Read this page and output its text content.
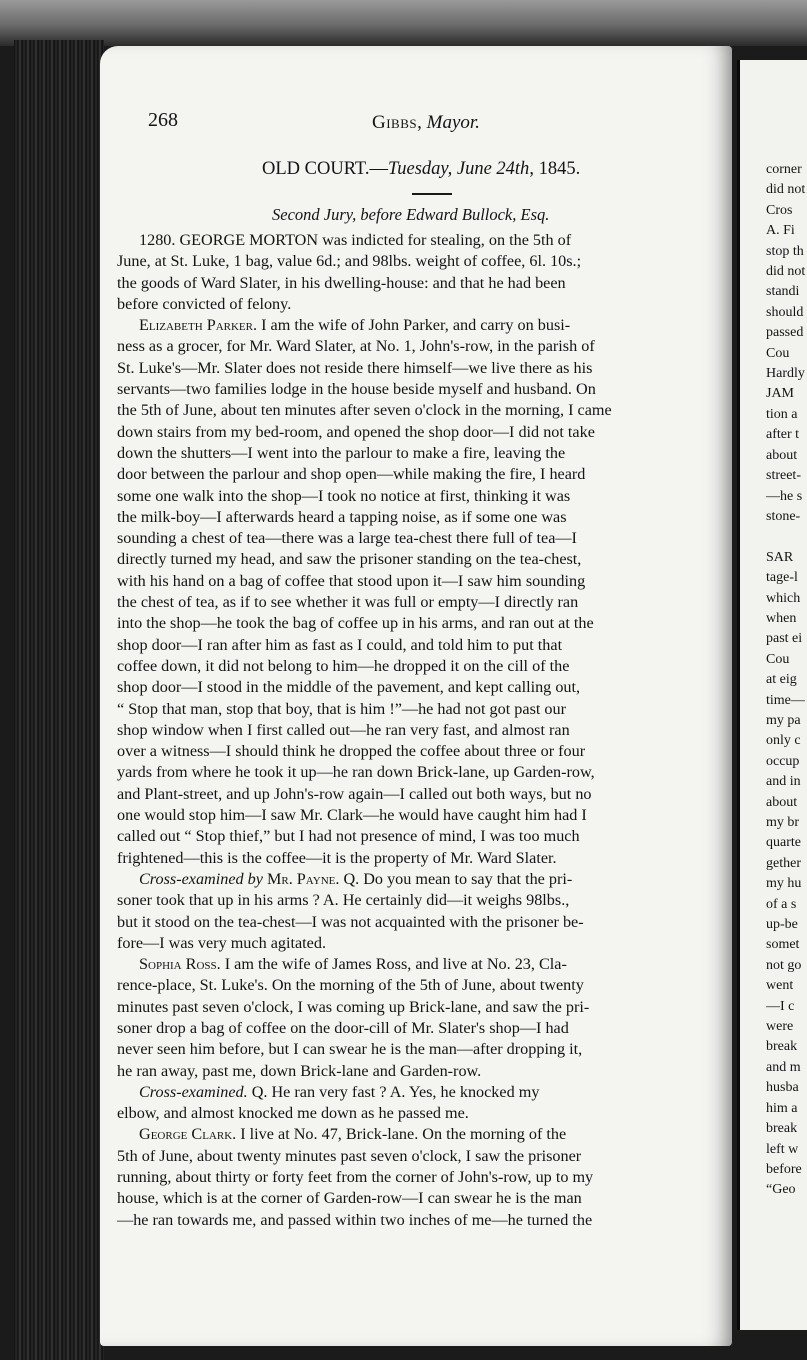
268	Gibbs, Mayor.
OLD COURT.—Tuesday, June 24th, 1845.
Second Jury, before Edward Bullock, Esq.
1280. GEORGE MORTON was indicted for stealing, on the 5th of
June, at St. Luke, 1 bag, value 6d.; and 98lbs. weight of coffee, 6l. 10s.;
the goods of Ward Slater, in his dwelling-house: and that he had been
before convicted of felony.
Elizabeth Parker. I am the wife of John Parker, and carry on busi-
ness as a grocer, for Mr. Ward Slater, at No. 1, John's-row, in the parish of
St. Luke's—Mr. Slater does not reside there himself—we live there as his
servants—two families lodge in the house beside myself and husband. On
the 5th of June, about ten minutes after seven o'clock in the morning, I came
down stairs from my bed-room, and opened the shop door—I did not take
down the shutters—I went into the parlour to make a fire, leaving the
door between the parlour and shop open—while making the fire, I heard
some one walk into the shop—I took no notice at first, thinking it was
the milk-boy—I afterwards heard a tapping noise, as if some one was
sounding a chest of tea—there was a large tea-chest there full of tea—I
directly turned my head, and saw the prisoner standing on the tea-chest,
with his hand on a bag of coffee that stood upon it—I saw him sounding
the chest of tea, as if to see whether it was full or empty—I directly ran
into the shop—he took the bag of coffee up in his arms, and ran out at the
shop door—I ran after him as fast as I could, and told him to put that
coffee down, it did not belong to him—he dropped it on the cill of the
shop door—I stood in the middle of the pavement, and kept calling out,
“ Stop that man, stop that boy, that is him !”—he had not got past our
shop window when I first called out—he ran very fast, and almost ran
over a witness—I should think he dropped the coffee about three or four
yards from where he took it up—he ran down Brick-lane, up Garden-row,
and Plant-street, and up John's-row again—I called out both ways, but no
one would stop him—I saw Mr. Clark—he would have caught him had I
called out “ Stop thief,” but I had not presence of mind, I was too much
frightened—this is the coffee—it is the property of Mr. Ward Slater.
Cross-examined by Mr. Payne. Q. Do you mean to say that the pri-
soner took that up in his arms ? A. He certainly did—it weighs 98lbs.,
but it stood on the tea-chest—I was not acquainted with the prisoner be-
fore—I was very much agitated.
Sophia Ross. I am the wife of James Ross, and live at No. 23, Cla-
rence-place, St. Luke's. On the morning of the 5th of June, about twenty
minutes past seven o'clock, I was coming up Brick-lane, and saw the pri-
soner drop a bag of coffee on the door-cill of Mr. Slater's shop—I had
never seen him before, but I can swear he is the man—after dropping it,
he ran away, past me, down Brick-lane and Garden-row.
Cross-examined. Q. He ran very fast ? A. Yes, he knocked my
elbow, and almost knocked me down as he passed me.
George Clark. I live at No. 47, Brick-lane. On the morning of the
5th of June, about twenty minutes past seven o'clock, I saw the prisoner
running, about thirty or forty feet from the corner of John's-row, up to my
house, which is at the corner of Garden-row—I can swear he is the man
—he ran towards me, and passed within two inches of me—he turned the
corner
did not
Cros
A. Fi
stop th
did not
standi
should
passed
Cou
Hardly
JAM
tion a
after t
about
street-
—he s
stone-

SAR
tage-l
which
when
past ei
Cou
at eig
time—
my pa
only c
occup
and in
about
my br
quarte
gether
my hu
of a s
up-be
somet
not go
went
—I c
were
break
and m
husba
him a
break
left w
before
“Geo
